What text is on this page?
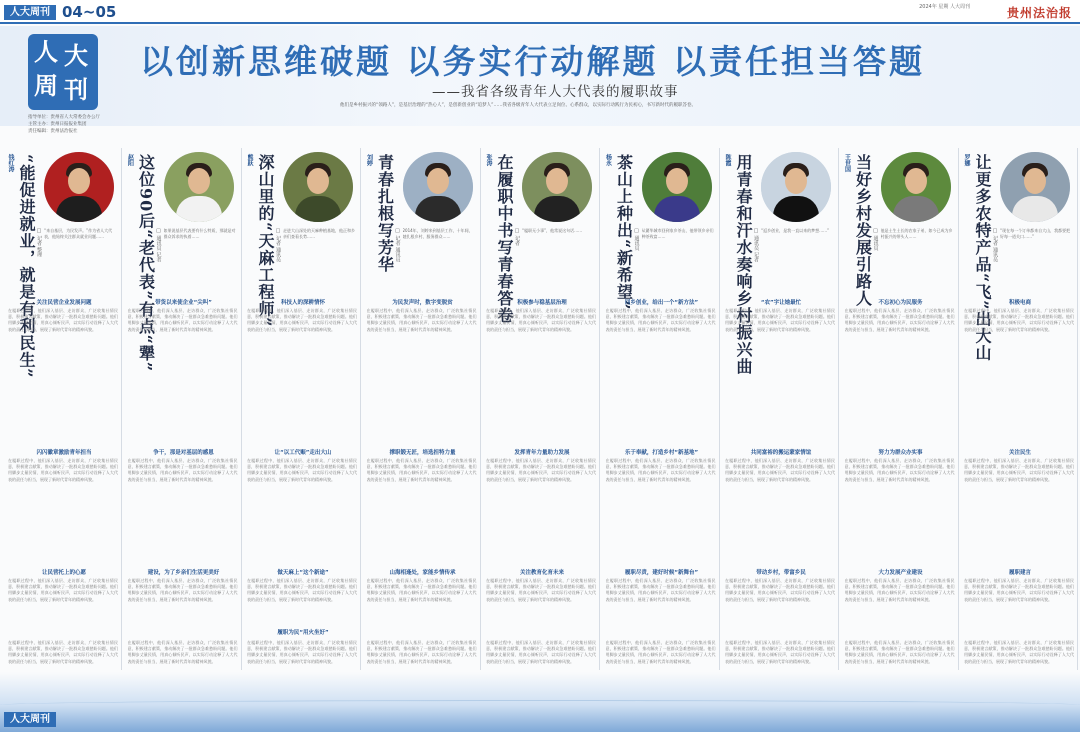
人大周刊 04~05	2024年 星期 人大周刊	贵州法治报
人 大
周 刊
指导单位：贵州省人大常委会办公厅
主管主办：贵州日报报业集团
责任编辑：贵州法治报社
以创新思维破题 以务实行动解题 以责任担当答题
——我省各级青年人大代表的履职故事
他们是乡村振兴的“领路人”，是基层治理的“热心人”，是创新创业的“追梦人”……我省各级青年人大代表立足岗位、心系群众，以实际行动践行为民初心，书写新时代的履职答卷。
钱红涛 “能促进就业，就是有利民生” □ 记者 整理 “来自基层，为民发声。”作为省人大代表，他始终关注群众就业问题……
在履职过程中，他们深入基层、走访群众，广泛收集社情民意，积极建言献策，推动解决了一批群众急难愁盼问题。他们用脚步丈量民情，用真心倾听民声，以实际行动诠释了人大代表的责任与担当，展现了新时代青年的精神风貌。
关注民营企业发展问题
闪闪徽章激励青年担当
让民营托上的心愿
在履职过程中，他们深入基层、走访群众，广泛收集社情民意，积极建言献策，推动解决了一批群众急难愁盼问题。他们用脚步丈量民情，用真心倾听民声，以实际行动诠释了人大代表的责任与担当，展现了新时代青年的精神风貌。
在履职过程中，他们深入基层、走访群众，广泛收集社情民意，积极建言献策，推动解决了一批群众急难愁盼问题。他们用脚步丈量民情，用真心倾听民声，以实际行动诠释了人大代表的责任与担当，展现了新时代青年的精神风貌。
在履职过程中，他们深入基层、走访群众，广泛收集社情民意，积极建言献策，推动解决了一批群众急难愁盼问题。他们用脚步丈量民情，用真心倾听民声，以实际行动诠释了人大代表的责任与担当，展现了新时代青年的精神风貌。
赵阳 这位90后“老代表”有点“犟” □ 通讯员 记者 如果说基层代表要有什么特质，那就是对群众诉求的执着……
在履职过程中，他们深入基层、走访群众，广泛收集社情民意，积极建言献策，推动解决了一批群众急难愁盼问题。他们用脚步丈量民情，用真心倾听民声，以实际行动诠释了人大代表的责任与担当，展现了新时代青年的精神风貌。
带货以来使企业“尖叫”
争干，那是对基层的感恩
建设，为了乡亲们生活更美好
在履职过程中，他们深入基层、走访群众，广泛收集社情民意，积极建言献策，推动解决了一批群众急难愁盼问题。他们用脚步丈量民情，用真心倾听民声，以实际行动诠释了人大代表的责任与担当，展现了新时代青年的精神风貌。
在履职过程中，他们深入基层、走访群众，广泛收集社情民意，积极建言献策，推动解决了一批群众急难愁盼问题。他们用脚步丈量民情，用真心倾听民声，以实际行动诠释了人大代表的责任与担当，展现了新时代青年的精神风貌。
在履职过程中，他们深入基层、走访群众，广泛收集社情民意，积极建言献策，推动解决了一批群众急难愁盼问题。他们用脚步丈量民情，用真心倾听民声，以实际行动诠释了人大代表的责任与担当，展现了新时代青年的精神风貌。
熊跃 深山里的“天麻工程师” □ 记者 通讯员 走进大山深处的天麻种植基地，他正和乡亲们查看长势……
在履职过程中，他们深入基层、走访群众，广泛收集社情民意，积极建言献策，推动解决了一批群众急难愁盼问题。他们用脚步丈量民情，用真心倾听民声，以实际行动诠释了人大代表的责任与担当，展现了新时代青年的精神风貌。
科技人的深耕情怀
让“以工代赈”走出大山
做天麻上“这个新途”
履职为民“用火坐好”
在履职过程中，他们深入基层、走访群众，广泛收集社情民意，积极建言献策，推动解决了一批群众急难愁盼问题。他们用脚步丈量民情，用真心倾听民声，以实际行动诠释了人大代表的责任与担当，展现了新时代青年的精神风貌。
在履职过程中，他们深入基层、走访群众，广泛收集社情民意，积极建言献策，推动解决了一批群众急难愁盼问题。他们用脚步丈量民情，用真心倾听民声，以实际行动诠释了人大代表的责任与担当，展现了新时代青年的精神风貌。
在履职过程中，他们深入基层、走访群众，广泛收集社情民意，积极建言献策，推动解决了一批群众急难愁盼问题。他们用脚步丈量民情，用真心倾听民声，以实际行动诠释了人大代表的责任与担当，展现了新时代青年的精神风貌。
刘婷 青春扎根写芳华 □ 记者 通讯员 2014年，刘婷来到基层工作，十年间，她扎根乡村、服务群众……
在履职过程中，他们深入基层、走访群众，广泛收集社情民意，积极建言献策，推动解决了一批群众急难愁盼问题。他们用脚步丈量民情，用真心倾听民声，以实际行动诠释了人大代表的责任与担当，展现了新时代青年的精神风貌。
为民发声时，数字变脱贫
撑职锻无匠，培选担特力量
山海相逢处，家能乡情传承
在履职过程中，他们深入基层、走访群众，广泛收集社情民意，积极建言献策，推动解决了一批群众急难愁盼问题。他们用脚步丈量民情，用真心倾听民声，以实际行动诠释了人大代表的责任与担当，展现了新时代青年的精神风貌。
在履职过程中，他们深入基层、走访群众，广泛收集社情民意，积极建言献策，推动解决了一批群众急难愁盼问题。他们用脚步丈量民情，用真心倾听民声，以实际行动诠释了人大代表的责任与担当，展现了新时代青年的精神风貌。
在履职过程中，他们深入基层、走访群众，广泛收集社情民意，积极建言献策，推动解决了一批群众急难愁盼问题。他们用脚步丈量民情，用真心倾听民声，以实际行动诠释了人大代表的责任与担当，展现了新时代青年的精神风貌。
张涛 在履职中书写青春答卷 □ 记者 “履职无小事”，他常说这句话……
在履职过程中，他们深入基层、走访群众，广泛收集社情民意，积极建言献策，推动解决了一批群众急难愁盼问题。他们用脚步丈量民情，用真心倾听民声，以实际行动诠释了人大代表的责任与担当，展现了新时代青年的精神风貌。
积极参与稳基层治理
发挥青年力量助力发展
关注教育化育未来
在履职过程中，他们深入基层、走访群众，广泛收集社情民意，积极建言献策，推动解决了一批群众急难愁盼问题。他们用脚步丈量民情，用真心倾听民声，以实际行动诠释了人大代表的责任与担当，展现了新时代青年的精神风貌。
在履职过程中，他们深入基层、走访群众，广泛收集社情民意，积极建言献策，推动解决了一批群众急难愁盼问题。他们用脚步丈量民情，用真心倾听民声，以实际行动诠释了人大代表的责任与担当，展现了新时代青年的精神风貌。
在履职过程中，他们深入基层、走访群众，广泛收集社情民意，积极建言献策，推动解决了一批群众急难愁盼问题。他们用脚步丈量民情，用真心倾听民声，以实际行动诠释了人大代表的责任与担当，展现了新时代青年的精神风貌。
杨永 茶山上种出“新希望” □ 通讯员 从繁华城市回到家乡茶山，他带领乡亲们种茶致富……
在履职过程中，他们深入基层、走访群众，广泛收集社情民意，积极建言献策，推动解决了一批群众急难愁盼问题。他们用脚步丈量民情，用真心倾听民声，以实际行动诠释了人大代表的责任与担当，展现了新时代青年的精神风貌。
回乡创业，给出一个“新方法”
乐于奉献，打造乡村“新基地”
履职尽责，建好时候“新舞台”
在履职过程中，他们深入基层、走访群众，广泛收集社情民意，积极建言献策，推动解决了一批群众急难愁盼问题。他们用脚步丈量民情，用真心倾听民声，以实际行动诠释了人大代表的责任与担当，展现了新时代青年的精神风貌。
在履职过程中，他们深入基层、走访群众，广泛收集社情民意，积极建言献策，推动解决了一批群众急难愁盼问题。他们用脚步丈量民情，用真心倾听民声，以实际行动诠释了人大代表的责任与担当，展现了新时代青年的精神风貌。
在履职过程中，他们深入基层、走访群众，广泛收集社情民意，积极建言献策，推动解决了一批群众急难愁盼问题。他们用脚步丈量民情，用真心倾听民声，以实际行动诠释了人大代表的责任与担当，展现了新时代青年的精神风貌。
陈霞 用青春和汗水奏响乡村振兴曲 □ 通讯员 记者 “返乡创业，是我一直以来的梦想……”
在履职过程中，他们深入基层、走访群众，广泛收集社情民意，积极建言献策，推动解决了一批群众急难愁盼问题。他们用脚步丈量民情，用真心倾听民声，以实际行动诠释了人大代表的责任与担当，展现了新时代青年的精神风貌。
“农”字让她最忙
共同富裕的搬运蒙家情谊
带动乡村，带富乡民
在履职过程中，他们深入基层、走访群众，广泛收集社情民意，积极建言献策，推动解决了一批群众急难愁盼问题。他们用脚步丈量民情，用真心倾听民声，以实际行动诠释了人大代表的责任与担当，展现了新时代青年的精神风貌。
在履职过程中，他们深入基层、走访群众，广泛收集社情民意，积极建言献策，推动解决了一批群众急难愁盼问题。他们用脚步丈量民情，用真心倾听民声，以实际行动诠释了人大代表的责任与担当，展现了新时代青年的精神风貌。
在履职过程中，他们深入基层、走访群众，广泛收集社情民意，积极建言献策，推动解决了一批群众急难愁盼问题。他们用脚步丈量民情，用真心倾听民声，以实际行动诠释了人大代表的责任与担当，展现了新时代青年的精神风貌。
王世国 当好乡村发展引路人 □ 通讯员 他是土生土长的农家子弟，如今已成为乡村振兴的带头人……
在履职过程中，他们深入基层、走访群众，广泛收集社情民意，积极建言献策，推动解决了一批群众急难愁盼问题。他们用脚步丈量民情，用真心倾听民声，以实际行动诠释了人大代表的责任与担当，展现了新时代青年的精神风貌。
不忘初心为民服务
努力为群众办实事
大力发展产业建设
在履职过程中，他们深入基层、走访群众，广泛收集社情民意，积极建言献策，推动解决了一批群众急难愁盼问题。他们用脚步丈量民情，用真心倾听民声，以实际行动诠释了人大代表的责任与担当，展现了新时代青年的精神风貌。
在履职过程中，他们深入基层、走访群众，广泛收集社情民意，积极建言献策，推动解决了一批群众急难愁盼问题。他们用脚步丈量民情，用真心倾听民声，以实际行动诠释了人大代表的责任与担当，展现了新时代青年的精神风貌。
在履职过程中，他们深入基层、走访群众，广泛收集社情民意，积极建言献策，推动解决了一批群众急难愁盼问题。他们用脚步丈量民情，用真心倾听民声，以实际行动诠释了人大代表的责任与担当，展现了新时代青年的精神风貌。
罗娜 让更多农特产品“飞”出大山 □ 记者 通讯员 “现在每一个订单都来自大山，我都要把好每一道关口……”
在履职过程中，他们深入基层、走访群众，广泛收集社情民意，积极建言献策，推动解决了一批群众急难愁盼问题。他们用脚步丈量民情，用真心倾听民声，以实际行动诠释了人大代表的责任与担当，展现了新时代青年的精神风貌。
积极电商
关注民生
履职建言
在履职过程中，他们深入基层、走访群众，广泛收集社情民意，积极建言献策，推动解决了一批群众急难愁盼问题。他们用脚步丈量民情，用真心倾听民声，以实际行动诠释了人大代表的责任与担当，展现了新时代青年的精神风貌。
在履职过程中，他们深入基层、走访群众，广泛收集社情民意，积极建言献策，推动解决了一批群众急难愁盼问题。他们用脚步丈量民情，用真心倾听民声，以实际行动诠释了人大代表的责任与担当，展现了新时代青年的精神风貌。
在履职过程中，他们深入基层、走访群众，广泛收集社情民意，积极建言献策，推动解决了一批群众急难愁盼问题。他们用脚步丈量民情，用真心倾听民声，以实际行动诠释了人大代表的责任与担当，展现了新时代青年的精神风貌。
人大周刊
